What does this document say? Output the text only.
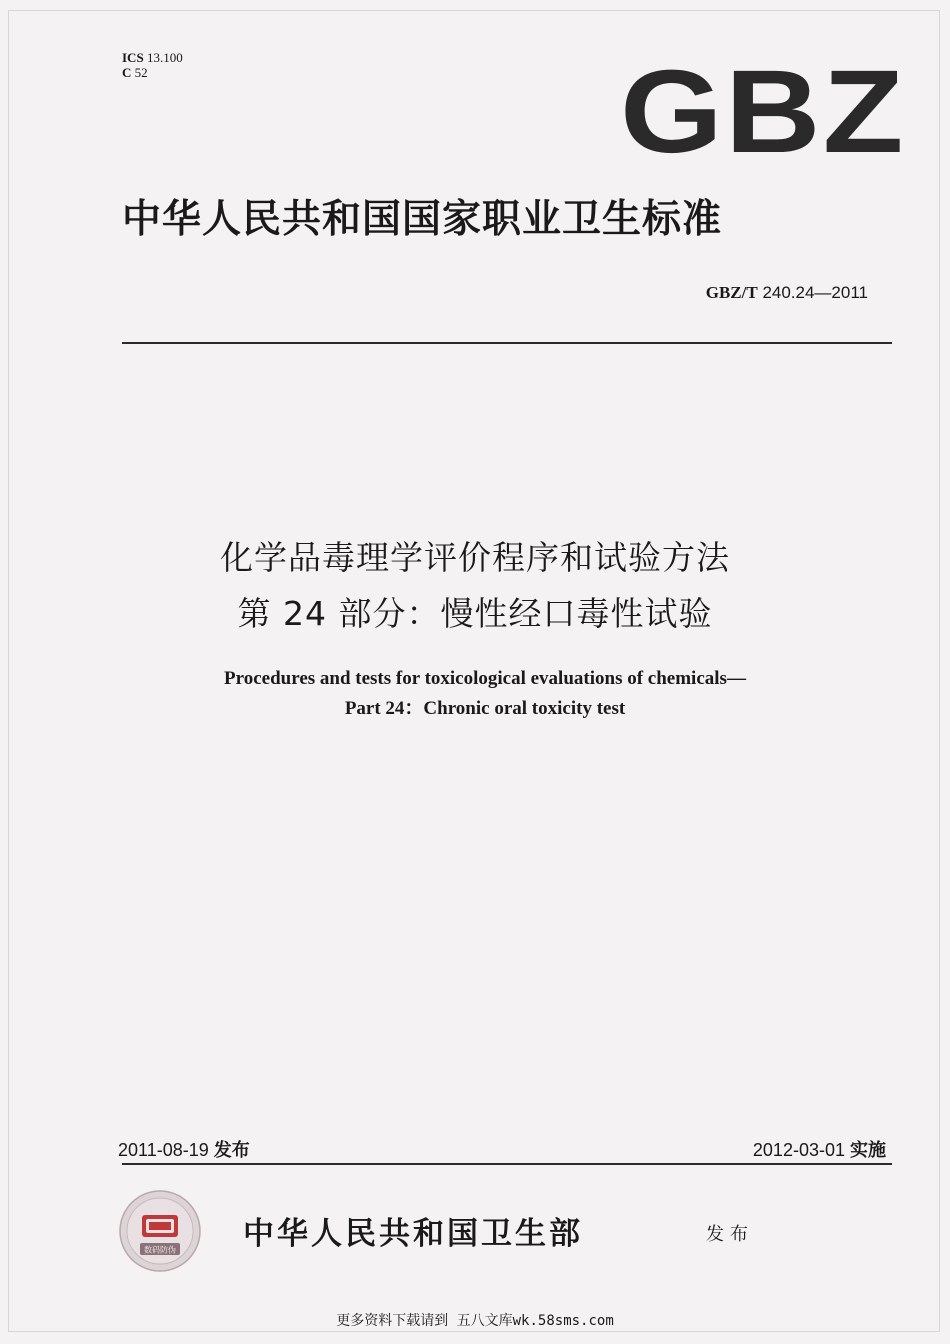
ICS 13.100
C 52	GBZ
中华人民共和国国家职业卫生标准
GBZ/T 240.24—2011
化学品毒理学评价程序和试验方法
第 24 部分：慢性经口毒性试验
Procedures and tests for toxicological evaluations of chemicals—
Part 24：Chronic oral toxicity test
2011-08-19 发布	2012-03-01 实施
数码防伪 中华人民共和国卫生部	发布
更多资料下载请到 五八文库wk.58sms.com
